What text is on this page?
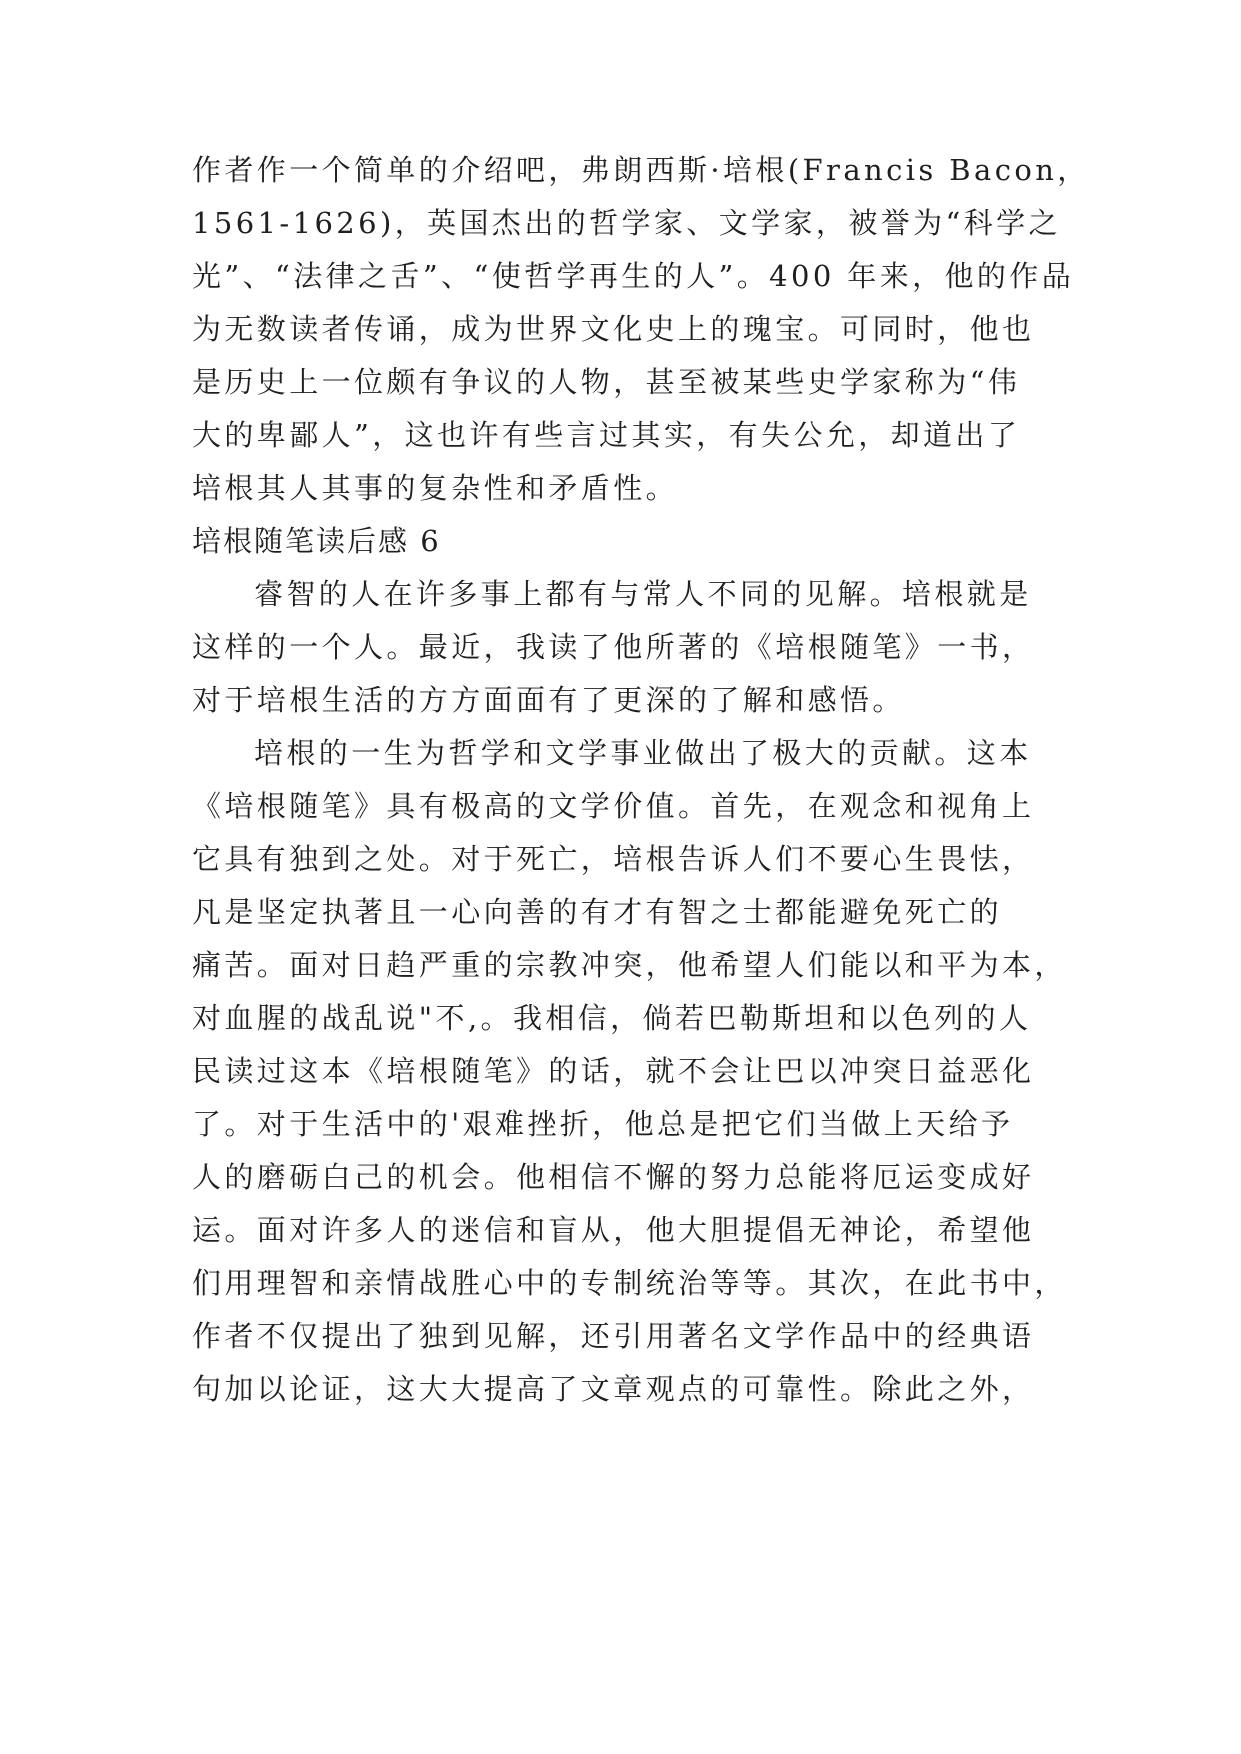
作者作一个简单的介绍吧，弗朗西斯·培根(Francis Bacon，
1561-1626)，英国杰出的哲学家、文学家，被誉为“科学之
光”、“法律之舌”、“使哲学再生的人”。400 年来，他的作品
为无数读者传诵，成为世界文化史上的瑰宝。可同时，他也
是历史上一位颇有争议的人物，甚至被某些史学家称为“伟
大的卑鄙人”，这也许有些言过其实，有失公允，却道出了
培根其人其事的复杂性和矛盾性。
培根随笔读后感 6
睿智的人在许多事上都有与常人不同的见解。培根就是
这样的一个人。最近，我读了他所著的《培根随笔》一书，
对于培根生活的方方面面有了更深的了解和感悟。
培根的一生为哲学和文学事业做出了极大的贡献。这本
《培根随笔》具有极高的文学价值。首先，在观念和视角上
它具有独到之处。对于死亡，培根告诉人们不要心生畏怯，
凡是坚定执著且一心向善的有才有智之士都能避免死亡的
痛苦。面对日趋严重的宗教冲突，他希望人们能以和平为本，
对血腥的战乱说"不,。我相信，倘若巴勒斯坦和以色列的人
民读过这本《培根随笔》的话，就不会让巴以冲突日益恶化
了。对于生活中的'艰难挫折，他总是把它们当做上天给予
人的磨砺白己的机会。他相信不懈的努力总能将厄运变成好
运。面对许多人的迷信和盲从，他大胆提倡无神论，希望他
们用理智和亲情战胜心中的专制统治等等。其次，在此书中，
作者不仅提出了独到见解，还引用著名文学作品中的经典语
句加以论证，这大大提高了文章观点的可靠性。除此之外，
